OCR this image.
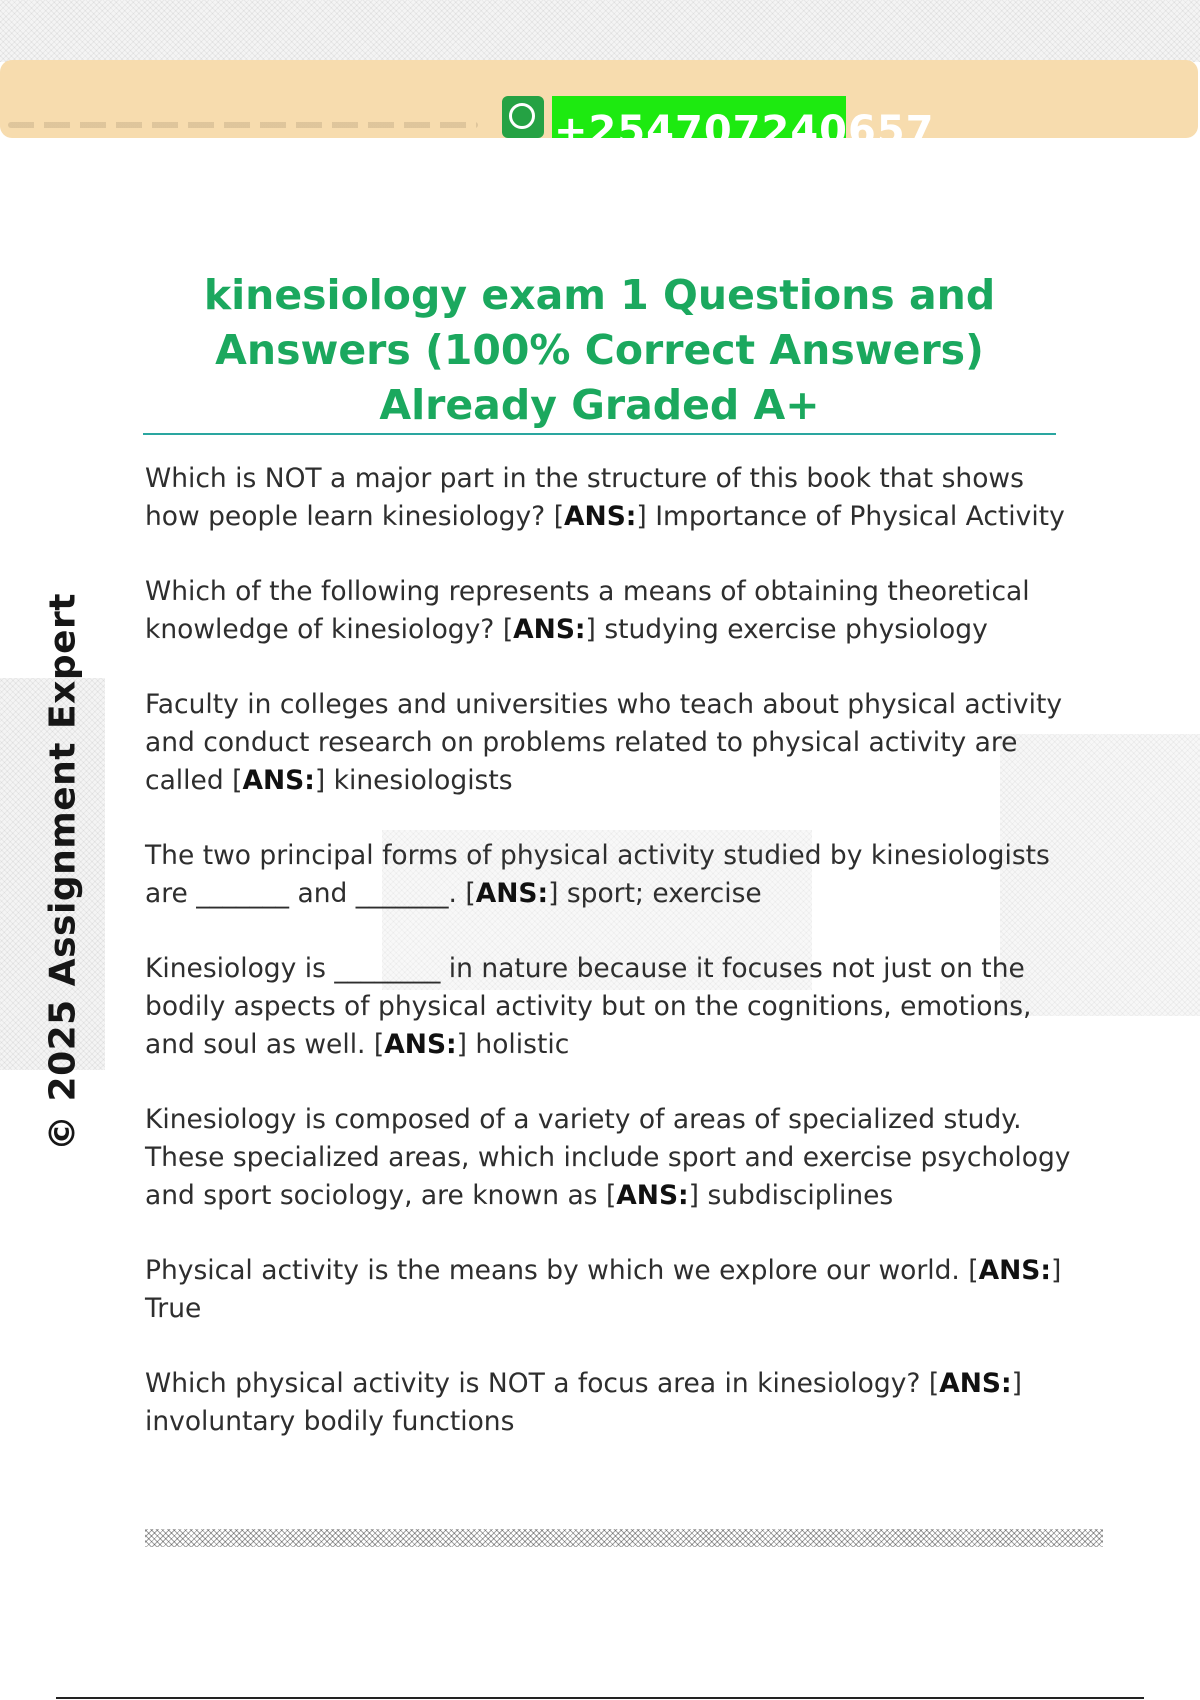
+254707240657
© 2025 Assignment Expert
kinesiology exam 1 Questions and Answers (100% Correct Answers) Already Graded A+

Which is NOT a major part in the structure of this book that shows how people learn kinesiology? [ANS:] Importance of Physical Activity

Which of the following represents a means of obtaining theoretical knowledge of kinesiology? [ANS:] studying exercise physiology

Faculty in colleges and universities who teach about physical activity and conduct research on problems related to physical activity are called [ANS:] kinesiologists

The two principal forms of physical activity studied by kinesiologists are _______ and _______. [ANS:] sport; exercise

Kinesiology is ________ in nature because it focuses not just on the bodily aspects of physical activity but on the cognitions, emotions, and soul as well. [ANS:] holistic

Kinesiology is composed of a variety of areas of specialized study. These specialized areas, which include sport and exercise psychology and sport sociology, are known as [ANS:] subdisciplines

Physical activity is the means by which we explore our world. [ANS:] True

Which physical activity is NOT a focus area in kinesiology? [ANS:] involuntary bodily functions
